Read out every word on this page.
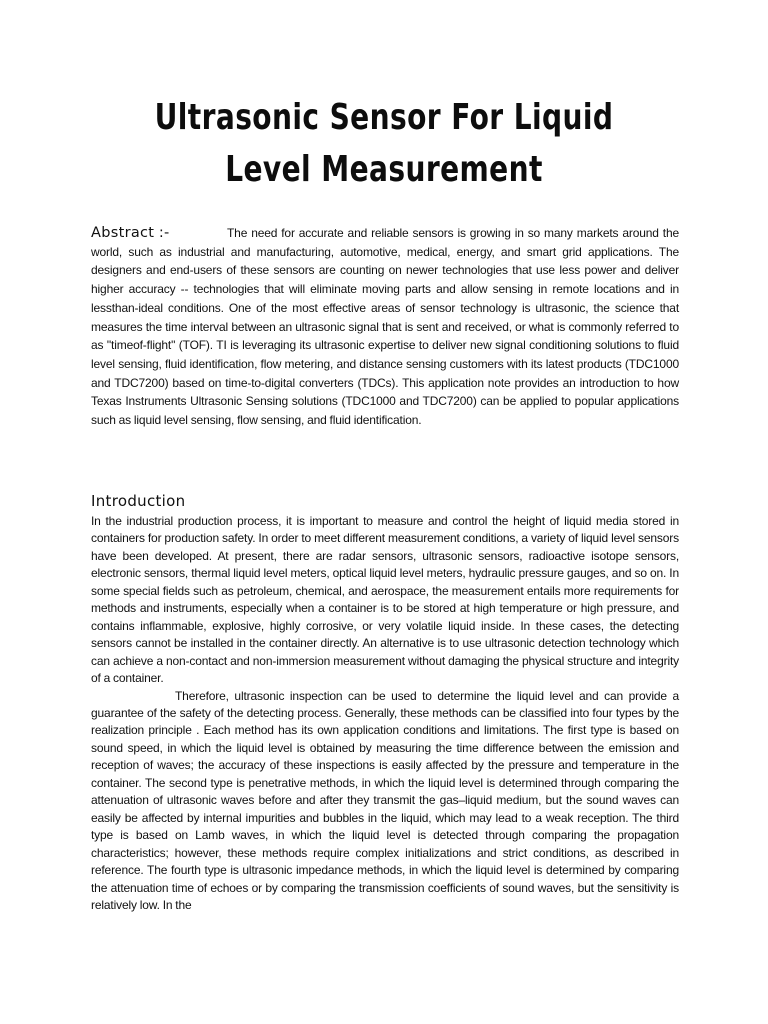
Ultrasonic Sensor For Liquid Level Measurement
Abstract :-	The need for accurate and reliable sensors is growing in so many markets around the world, such as industrial and manufacturing, automotive, medical, energy, and smart grid applications. The designers and end-users of these sensors are counting on newer technologies that use less power and deliver higher accuracy -- technologies that will eliminate moving parts and allow sensing in remote locations and in lessthan-ideal conditions. One of the most effective areas of sensor technology is ultrasonic, the science that measures the time interval between an ultrasonic signal that is sent and received, or what is commonly referred to as "timeof-flight" (TOF). TI is leveraging its ultrasonic expertise to deliver new signal conditioning solutions to fluid level sensing, fluid identification, flow metering, and distance sensing customers with its latest products (TDC1000 and TDC7200) based on time-to-digital converters (TDCs). This application note provides an introduction to how Texas Instruments Ultrasonic Sensing solutions (TDC1000 and TDC7200) can be applied to popular applications such as liquid level sensing, flow sensing, and fluid identification.
Introduction

In the industrial production process, it is important to measure and control the height of liquid media stored in containers for production safety. In order to meet different measurement conditions, a variety of liquid level sensors have been developed. At present, there are radar sensors, ultrasonic sensors, radioactive isotope sensors, electronic sensors, thermal liquid level meters, optical liquid level meters, hydraulic pressure gauges, and so on. In some special fields such as petroleum, chemical, and aerospace, the measurement entails more requirements for methods and instruments, especially when a container is to be stored at high temperature or high pressure, and contains inflammable, explosive, highly corrosive, or very volatile liquid inside. In these cases, the detecting sensors cannot be installed in the container directly. An alternative is to use ultrasonic detection technology which can achieve a non-contact and non-immersion measurement without damaging the physical structure and integrity of a container.

Therefore, ultrasonic inspection can be used to determine the liquid level and can provide a guarantee of the safety of the detecting process. Generally, these methods can be classified into four types by the realization principle . Each method has its own application conditions and limitations. The first type is based on sound speed, in which the liquid level is obtained by measuring the time difference between the emission and reception of waves; the accuracy of these inspections is easily affected by the pressure and temperature in the container. The second type is penetrative methods, in which the liquid level is determined through comparing the attenuation of ultrasonic waves before and after they transmit the gas–liquid medium, but the sound waves can easily be affected by internal impurities and bubbles in the liquid, which may lead to a weak reception. The third type is based on Lamb waves, in which the liquid level is detected through comparing the propagation characteristics; however, these methods require complex initializations and strict conditions, as described in reference. The fourth type is ultrasonic impedance methods, in which the liquid level is determined by comparing the attenuation time of echoes or by comparing the transmission coefficients of sound waves, but the sensitivity is relatively low. In the
